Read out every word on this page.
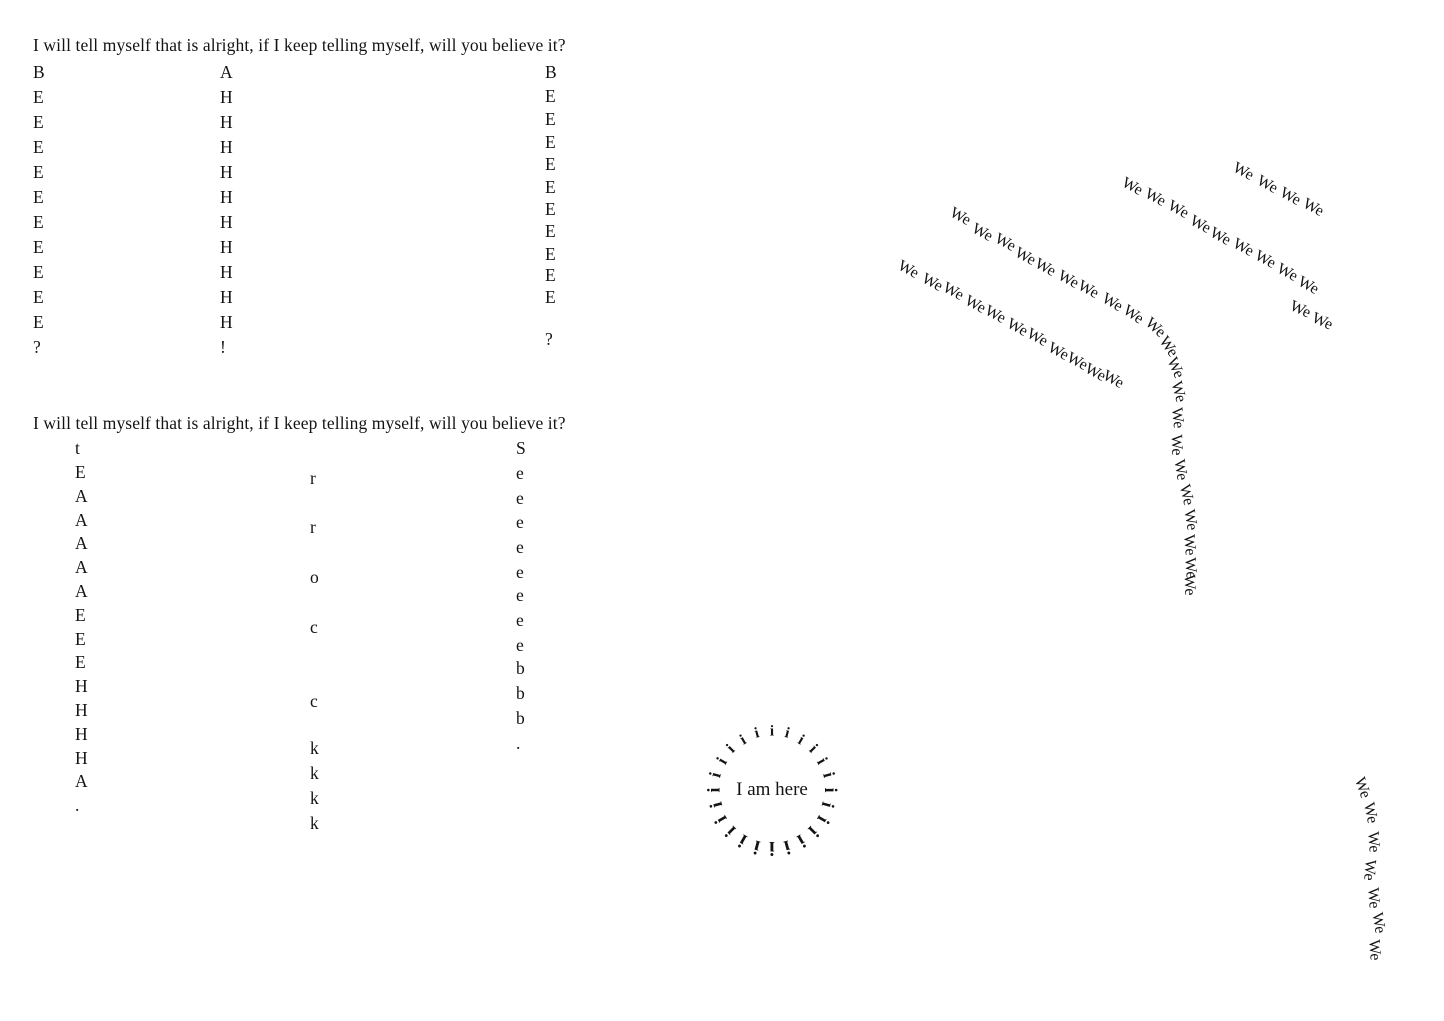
I will tell myself that is alright, if I keep telling myself, will you believe it?
I will tell myself that is alright, if I keep telling myself, will you believe it?
I am here
B
E
E
E
E
E
E
E
E
E
E
?
A
H
H
H
H
H
H
H
H
H
H
!
B
E
E
E
E
E
E
E
E
E
E
?
t
E
A
A
A
A
A
E
E
E
H
H
H
H
A
.
r
r
o
c
c
k
k
k
k
S
e
e
e
e
e
e
e
e
b
b
b
.
We
We
We
We
We
We
We
We
We
We
We
We
We
We
We
We
We
We
We
We
We
We
We
We
We
We
We
We
We
We
We
We
We
We
We
We
We
We
We
We
We
We
We
We
We
We
We
We
We
We
We
We
We
We
i i i
i
i
i
i
i
i
i
i
i
i
i
i
i
i
i
i
i
i
i
i i
